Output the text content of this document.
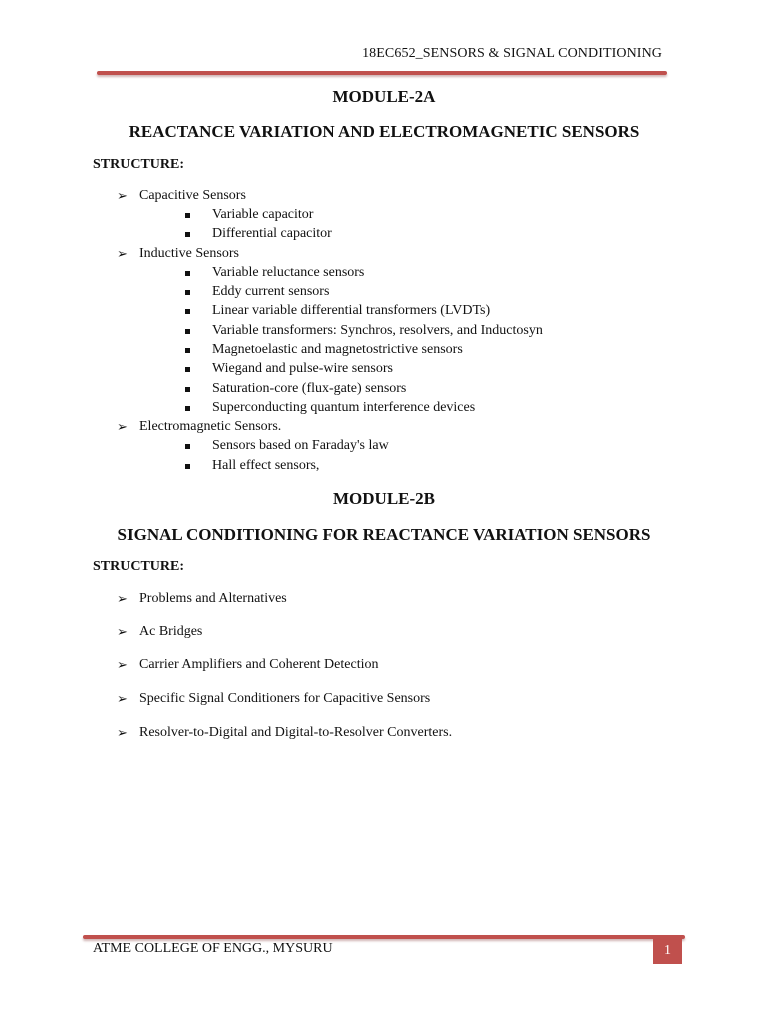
18EC652_SENSORS & SIGNAL CONDITIONING
MODULE-2A
REACTANCE VARIATION AND ELECTROMAGNETIC SENSORS
STRUCTURE:
➢ Capacitive Sensors
Variable capacitor
Differential capacitor
➢ Inductive Sensors
Variable reluctance sensors
Eddy current sensors
Linear variable differential transformers (LVDTs)
Variable transformers: Synchros, resolvers, and Inductosyn
Magnetoelastic and magnetostrictive sensors
Wiegand and pulse-wire sensors
Saturation-core (flux-gate) sensors
Superconducting quantum interference devices
➢ Electromagnetic Sensors.
Sensors based on Faraday's law
Hall effect sensors,
MODULE-2B
SIGNAL CONDITIONING FOR REACTANCE VARIATION SENSORS
STRUCTURE:
➢ Problems and Alternatives
➢ Ac Bridges
➢ Carrier Amplifiers and Coherent Detection
➢ Specific Signal Conditioners for Capacitive Sensors
➢ Resolver-to-Digital and Digital-to-Resolver Converters.
ATME COLLEGE OF ENGG., MYSURU	1
